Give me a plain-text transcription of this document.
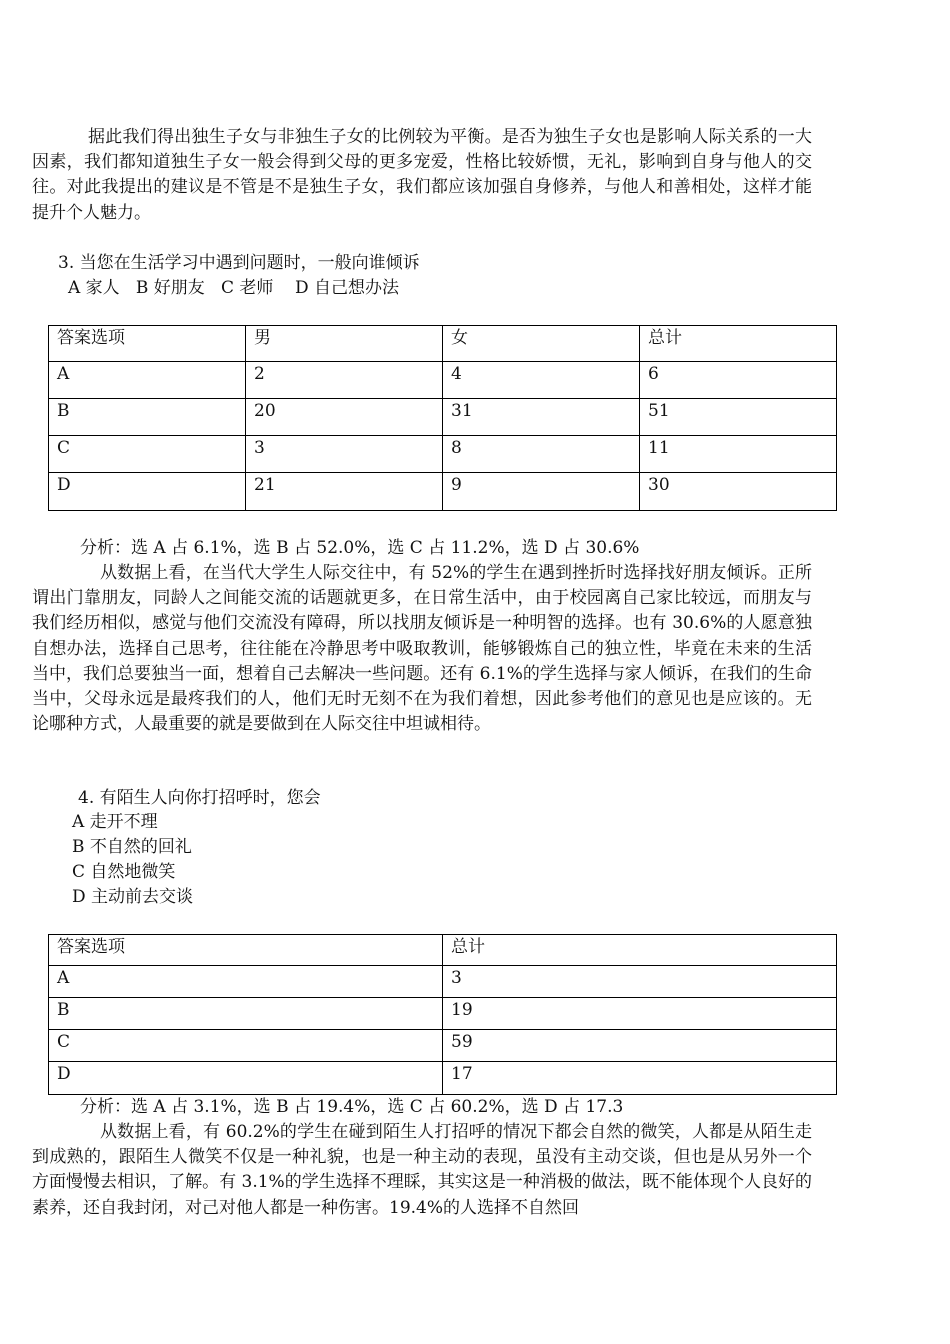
据此我们得出独生子女与非独生子女的比例较为平衡。是否为独生子女也是影响人际关系的一大因素，我们都知道独生子女一般会得到父母的更多宠爱，性格比较娇惯，无礼，影响到自身与他人的交往。对此我提出的建议是不管是不是独生子女，我们都应该加强自身修养，与他人和善相处，这样才能提升个人魅力。

3. 当您在生活学习中遇到问题时，一般向谁倾诉

A 家人   B 好朋友   C 老师    D 自己想办法

答案选项	男	女	总计
A	2	4	6
B	20	31	51
C	3	8	11
D	21	9	30

分析：选 A 占 6.1%，选 B 占 52.0%，选 C 占 11.2%，选 D 占 30.6%

从数据上看，在当代大学生人际交往中，有 52%的学生在遇到挫折时选择找好朋友倾诉。正所谓出门靠朋友，同龄人之间能交流的话题就更多，在日常生活中，由于校园离自己家比较远，而朋友与我们经历相似，感觉与他们交流没有障碍，所以找朋友倾诉是一种明智的选择。也有 30.6%的人愿意独自想办法，选择自己思考，往往能在冷静思考中吸取教训，能够锻炼自己的独立性，毕竟在未来的生活当中，我们总要独当一面，想着自己去解决一些问题。还有 6.1%的学生选择与家人倾诉，在我们的生命当中，父母永远是最疼我们的人，他们无时无刻不在为我们着想，因此参考他们的意见也是应该的。无论哪种方式，人最重要的就是要做到在人际交往中坦诚相待。

4. 有陌生人向你打招呼时，您会

A 走开不理

B 不自然的回礼

C 自然地微笑

D 主动前去交谈

答案选项	总计
A	3
B	19
C	59
D	17

分析：选 A 占 3.1%，选 B 占 19.4%，选 C 占 60.2%，选 D 占 17.3

从数据上看，有 60.2%的学生在碰到陌生人打招呼的情况下都会自然的微笑，人都是从陌生走到成熟的，跟陌生人微笑不仅是一种礼貌，也是一种主动的表现，虽没有主动交谈，但也是从另外一个方面慢慢去相识，了解。有 3.1%的学生选择不理睬，其实这是一种消极的做法，既不能体现个人良好的素养，还自我封闭，对己对他人都是一种伤害。19.4%的人选择不自然回
